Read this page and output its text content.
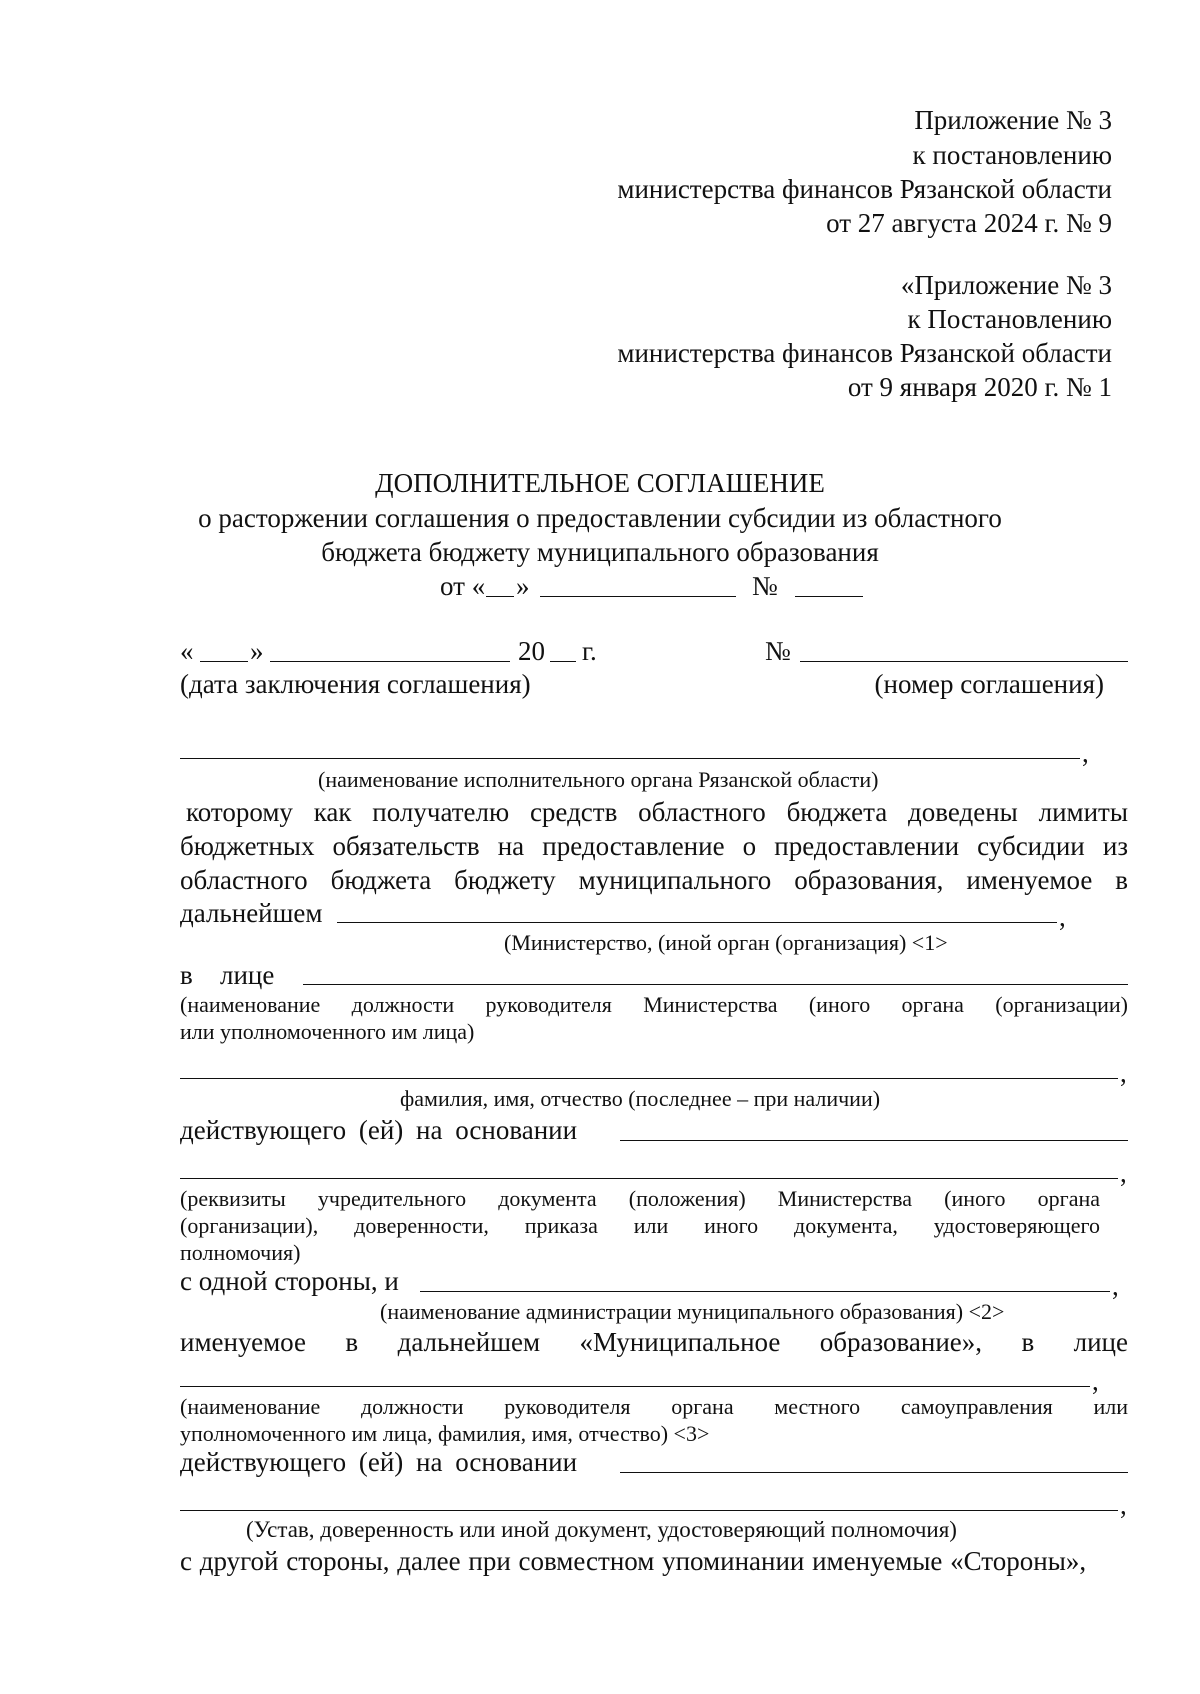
Приложение № 3
к постановлению
министерства финансов Рязанской области
от 27 августа 2024 г. № 9
«Приложение № 3
к Постановлению
министерства финансов Рязанской области
от 9 января 2020 г. № 1
ДОПОЛНИТЕЛЬНОЕ СОГЛАШЕНИЕ
о расторжении соглашения о предоставлении субсидии из областного
бюджета бюджету муниципального образования
от « »	№
« »	20 г.	№
(дата заключения соглашения)	(номер соглашения)
,
(наименование исполнительного органа Рязанской области)
которому как получателю средств областного бюджета доведены лимиты
бюджетных обязательств на предоставление о предоставлении субсидии из
областного бюджета бюджету муниципального образования, именуемое в
дальнейшем	,
(Министерство, (иной орган (организация) <1>
в лице
(наименование должности руководителя Министерства (иного органа (организации)
или уполномоченного им лица)
,
фамилия, имя, отчество (последнее – при наличии)
действующего (ей) на основании
,
(реквизиты учредительного документа (положения) Министерства (иного органа
(организации), доверенности, приказа или иного документа, удостоверяющего
полномочия)
с одной стороны, и	,
(наименование администрации муниципального образования) <2>
именуемое в дальнейшем «Муниципальное образование», в лице
,
(наименование должности руководителя органа местного самоуправления или
уполномоченного им лица, фамилия, имя, отчество) <3>
действующего (ей) на основании
,
(Устав, доверенность или иной документ, удостоверяющий полномочия)
с другой стороны, далее при совместном упоминании именуемые «Стороны»,
